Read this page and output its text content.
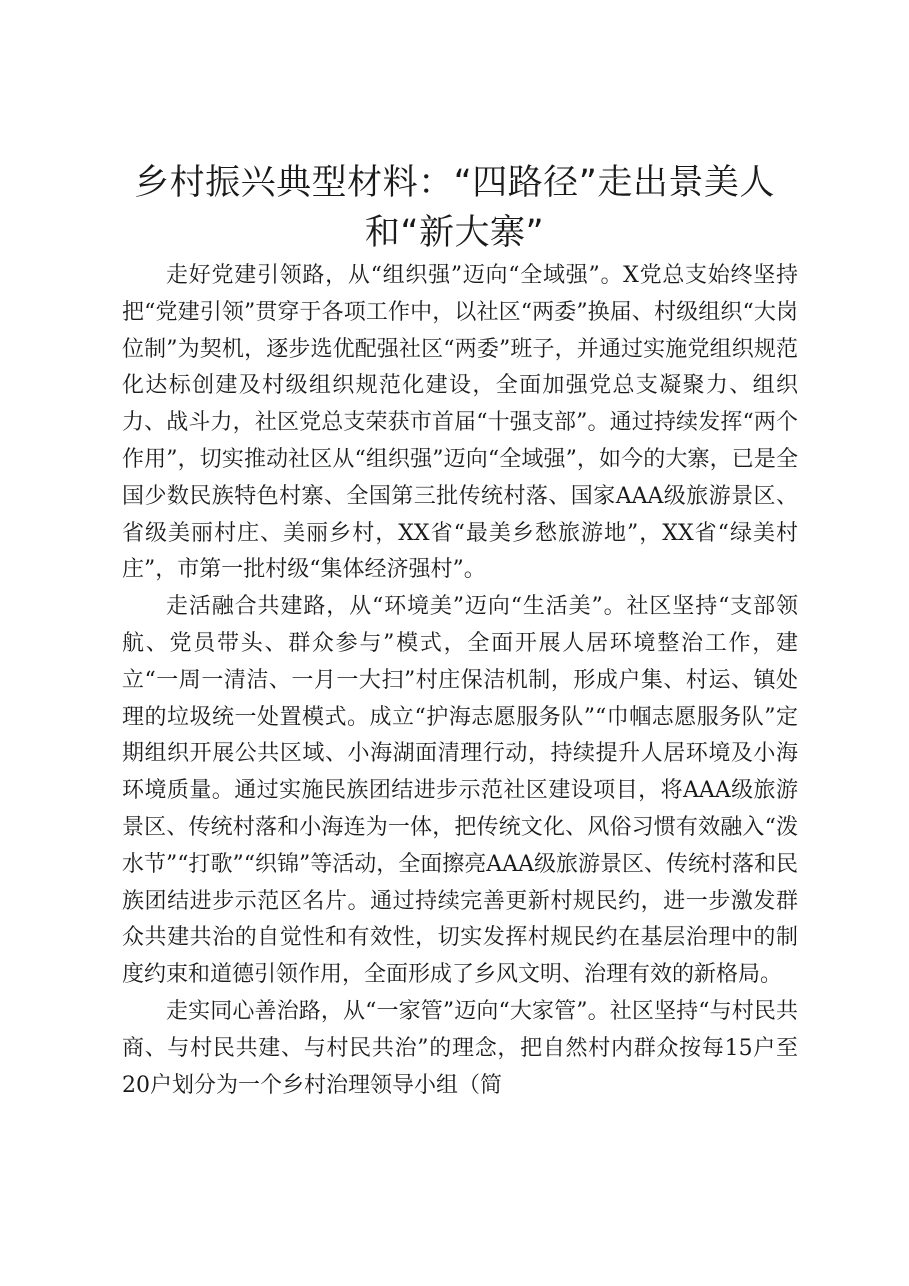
乡村振兴典型材料：“四路径”走出景美人和“新大寨”

走好党建引领路，从“组织强”迈向“全域强”。X党总支始终坚持把“党建引领”贯穿于各项工作中，以社区“两委”换届、村级组织“大岗位制”为契机，逐步选优配强社区“两委”班子，并通过实施党组织规范化达标创建及村级组织规范化建设，全面加强党总支凝聚力、组织力、战斗力，社区党总支荣获市首届“十强支部”。通过持续发挥“两个作用”，切实推动社区从“组织强”迈向“全域强”，如今的大寨，已是全国少数民族特色村寨、全国第三批传统村落、国家AAA级旅游景区、省级美丽村庄、美丽乡村，XX省“最美乡愁旅游地”，XX省“绿美村庄”，市第一批村级“集体经济强村”。

走活融合共建路，从“环境美”迈向“生活美”。社区坚持“支部领航、党员带头、群众参与”模式，全面开展人居环境整治工作，建立“一周一清洁、一月一大扫”村庄保洁机制，形成户集、村运、镇处理的垃圾统一处置模式。成立“护海志愿服务队”“巾帼志愿服务队”定期组织开展公共区域、小海湖面清理行动，持续提升人居环境及小海环境质量。通过实施民族团结进步示范社区建设项目，将AAA级旅游景区、传统村落和小海连为一体，把传统文化、风俗习惯有效融入“泼水节”“打歌”“织锦”等活动，全面擦亮AAA级旅游景区、传统村落和民族团结进步示范区名片。通过持续完善更新村规民约，进一步激发群众共建共治的自觉性和有效性，切实发挥村规民约在基层治理中的制度约束和道德引领作用，全面形成了乡风文明、治理有效的新格局。

走实同心善治路，从“一家管”迈向“大家管”。社区坚持“与村民共商、与村民共建、与村民共治”的理念，把自然村内群众按每15户至20户划分为一个乡村治理领导小组（简
